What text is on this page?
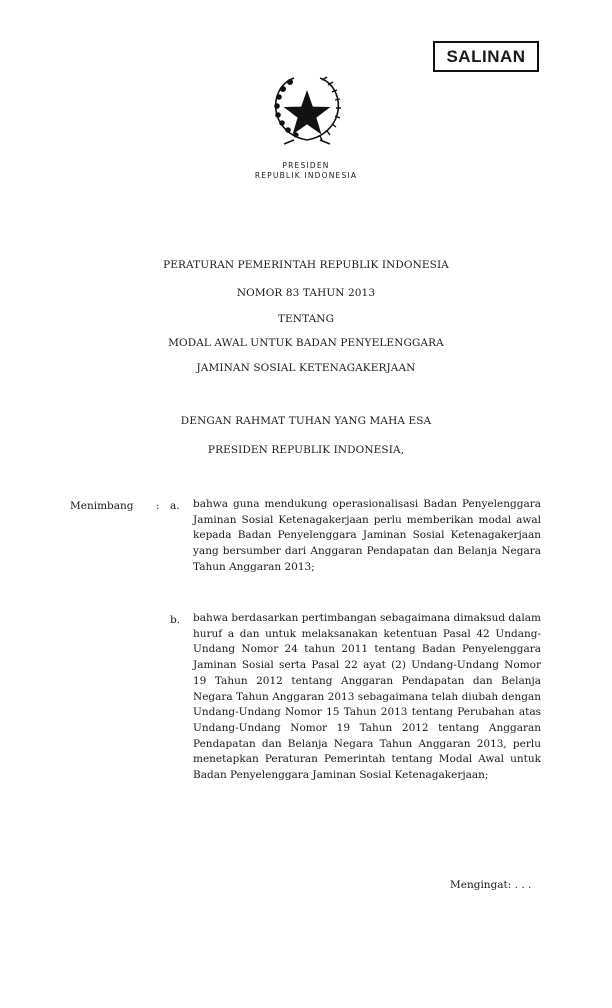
SALINAN
PRESIDEN
REPUBLIK INDONESIA
PERATURAN PEMERINTAH REPUBLIK INDONESIA
NOMOR 83 TAHUN 2013
TENTANG
MODAL AWAL UNTUK BADAN PENYELENGGARA
JAMINAN SOSIAL KETENAGAKERJAAN
DENGAN RAHMAT TUHAN YANG MAHA ESA
PRESIDEN REPUBLIK INDONESIA,
Menimbang : a. bahwa guna mendukung operasionalisasi Badan Penyelenggara Jaminan Sosial Ketenagakerjaan perlu memberikan modal awal kepada Badan Penyelenggara Jaminan Sosial Ketenagakerjaan yang bersumber dari Anggaran Pendapatan dan Belanja Negara Tahun Anggaran 2013;
b. bahwa berdasarkan pertimbangan sebagaimana dimaksud dalam huruf a dan untuk melaksanakan ketentuan Pasal 42 Undang-Undang Nomor 24 tahun 2011 tentang Badan Penyelenggara Jaminan Sosial serta Pasal 22 ayat (2) Undang-Undang Nomor 19 Tahun 2012 tentang Anggaran Pendapatan dan Belanja Negara Tahun Anggaran 2013 sebagaimana telah diubah dengan Undang-Undang Nomor 15 Tahun 2013 tentang Perubahan atas Undang-Undang Nomor 19 Tahun 2012 tentang Anggaran Pendapatan dan Belanja Negara Tahun Anggaran 2013, perlu menetapkan Peraturan Pemerintah tentang Modal Awal untuk Badan Penyelenggara Jaminan Sosial Ketenagakerjaan;
Mengingat: . . .
